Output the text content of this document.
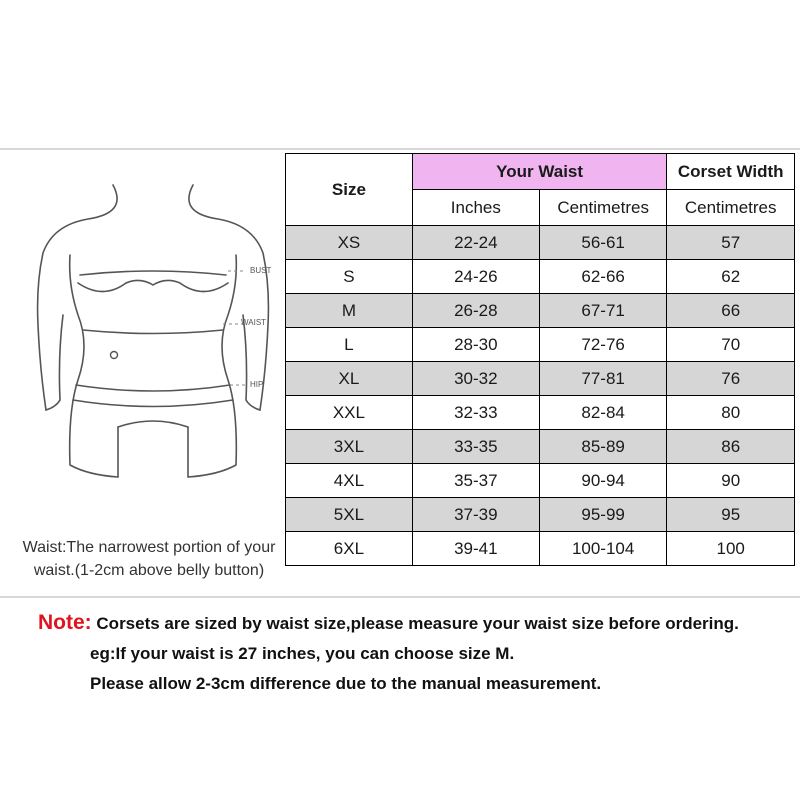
BUST
WAIST
HIP
Waist:The narrowest portion of your
waist.(1-2cm above belly button)
Size	Your Waist		Corset Width
	Inches	Centimetres	Centimetres
XS	22-24	56-61	57
S	24-26	62-66	62
M	26-28	67-71	66
L	28-30	72-76	70
XL	30-32	77-81	76
XXL	32-33	82-84	80
3XL	33-35	85-89	86
4XL	35-37	90-94	90
5XL	37-39	95-99	95
6XL	39-41	100-104	100
Note: Corsets are sized by waist size,please measure your waist size before ordering.
eg:If your waist is 27 inches, you can choose size M.
Please allow 2-3cm difference due to the manual measurement.
